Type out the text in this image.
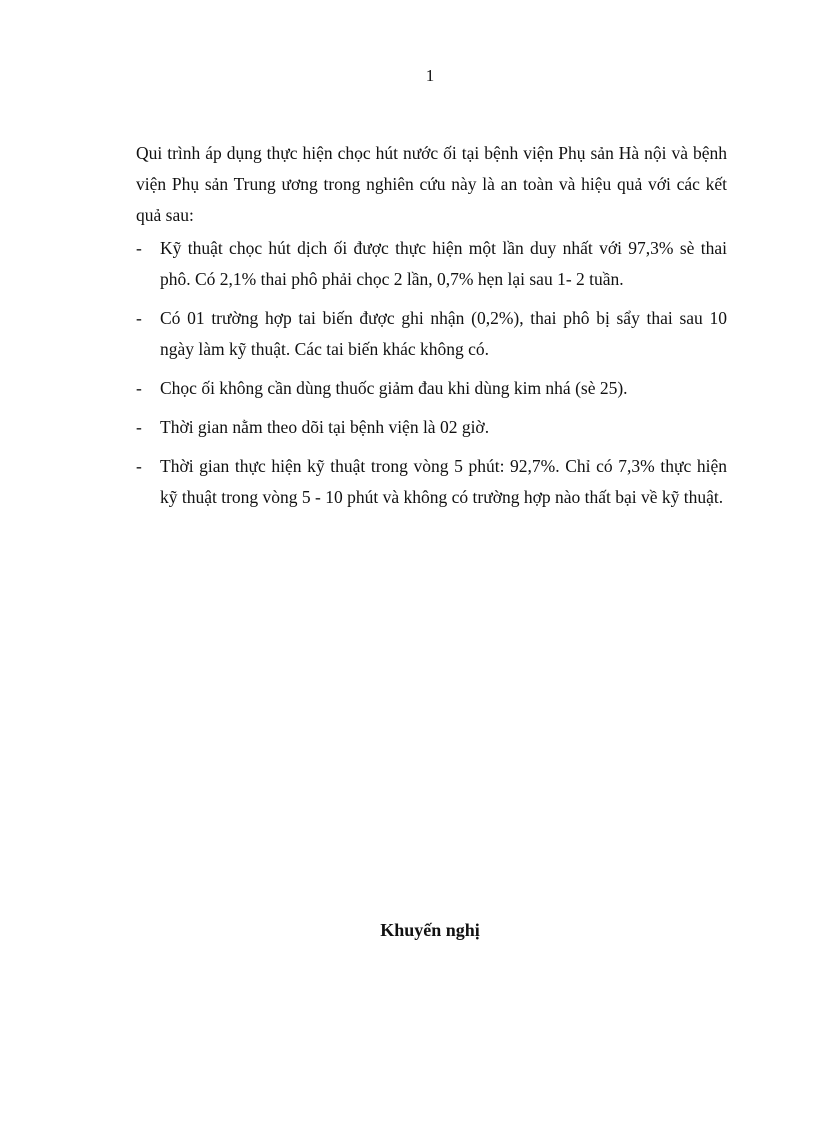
1

Qui trình áp dụng thực hiện chọc hút nước ối tại bệnh viện Phụ sản Hà nội và bệnh viện Phụ sản Trung ương trong nghiên cứu này là an toàn và hiệu quả với các kết quả sau:

- Kỹ thuật chọc hút dịch ối được thực hiện một lần duy nhất với 97,3% sè thai phô. Có 2,1% thai phô phải chọc 2 lần, 0,7% hẹn lại sau 1- 2 tuần.
- Có 01 trường hợp tai biến được ghi nhận (0,2%), thai phô bị sẩy thai sau 10 ngày làm kỹ thuật. Các tai biến khác không có.
- Chọc ối không cần dùng thuốc giảm đau khi dùng kim nhá (sè 25).
- Thời gian nằm theo dõi tại bệnh viện là 02 giờ.
- Thời gian thực hiện kỹ thuật trong vòng 5 phút: 92,7%. Chỉ có 7,3% thực hiện kỹ thuật trong vòng 5 - 10 phút và không có trường hợp nào thất bại về kỹ thuật.
Khuyến nghị
